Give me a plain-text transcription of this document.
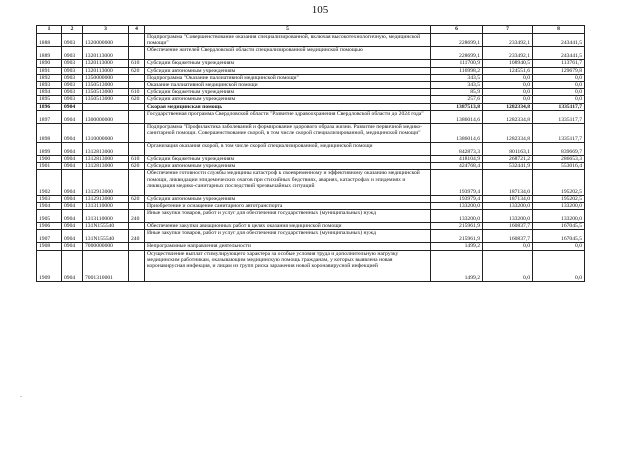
105
1	2	3	4	5	6	7	8
1888	0903	1320000000		Подпрограмма "Совершенствование оказания специализированной, включая высокотехнологичную, медицинской помощи"	228699,1	233492,1	243441,5
1889	0903	1320113000		Обеспечение жителей Свердловской области специализированной медицинской помощью	228699,1	233492,1	243441,5
1890	0903	1320113000	610	Субсидии бюджетным учреждениям	111700,9	108940,5	113761,7
1891	0903	1320113000	620	Субсидии автономным учреждениям	116998,2	124551,6	129679,8
1892	0903	1350000000		Подпрограмма "Оказание паллиативной медицинской помощи"	343,5	0,0	0,0
1893	0903	1350513000		Оказание паллиативной медицинской помощи	343,5	0,0	0,0
1894	0903	1350513000	610	Субсидии бюджетным учреждениям	85,9	0,0	0,0
1895	0903	1350513000	620	Субсидии автономным учреждениям	257,6	0,0	0,0
1896	0904			Скорая медицинская помощь	1387513,8	1282334,8	1335117,7
1897	0904	1300000000		Государственная программа Свердловской области "Развитие здравоохранения Свердловской области до 2024 года"	1386014,6	1282334,8	1335117,7
1898	0904	1310000000		Подпрограмма "Профилактика заболеваний и формирование здорового образа жизни. Развитие первичной медико-санитарной помощи. Совершенствование скорой, в том числе скорой специализированной, медицинской помощи"	1386014,6	1282334,8	1335117,7
1899	0904	1312813000		Организация оказания скорой, в том числе скорой специализированной, медицинской помощи	842873,3	801163,1	839669,7
1900	0904	1312813000	610	Субсидии бюджетным учреждениям	418104,9	268721,2	286653,3
1901	0904	1312813000	620	Субсидии автономным учреждениям	424768,4	532441,9	553016,4
1902	0904	1312913000		Обеспечение готовности службы медицины катастроф к своевременному и эффективному оказанию медицинской помощи, ликвидации эпидемических очагов при стихийных бедствиях, авариях, катастрофах и эпидемиях и ликвидация медико-санитарных последствий чрезвычайных ситуаций	193979,4	187134,0	195202,5
1903	0904	1312913000	620	Субсидии автономным учреждениям	193979,4	187134,0	195202,5
1904	0904	1313110000		Приобретение и оснащение санитарного автотранспорта	133200,0	133200,0	133200,0
1905	0904	1313110000	240	Иные закупки товаров, работ и услуг для обеспечения государственных (муниципальных) нужд	133200,0	133200,0	133200,0
1906	0904	131N155540		Обеспечение закупки авиационных работ в целях оказания медицинской помощи	215961,9	160837,7	167045,5
1907	0904	131N155540	240	Иные закупки товаров, работ и услуг для обеспечения государственных (муниципальных) нужд	215961,9	160837,7	167045,5
1908	0904	7000000000		Непрограммные направления деятельности	1499,2	0,0	0,0
1909	0904	7001310001		Осуществление выплат стимулирующего характера за особые условия труда и дополнительную нагрузку медицинским работникам, оказывающим медицинскую помощь гражданам, у которых выявлена новая коронавирусная инфекция, и лицам из групп риска заражения новой коронавирусной инфекцией	1499,2	0,0	0,0
-
